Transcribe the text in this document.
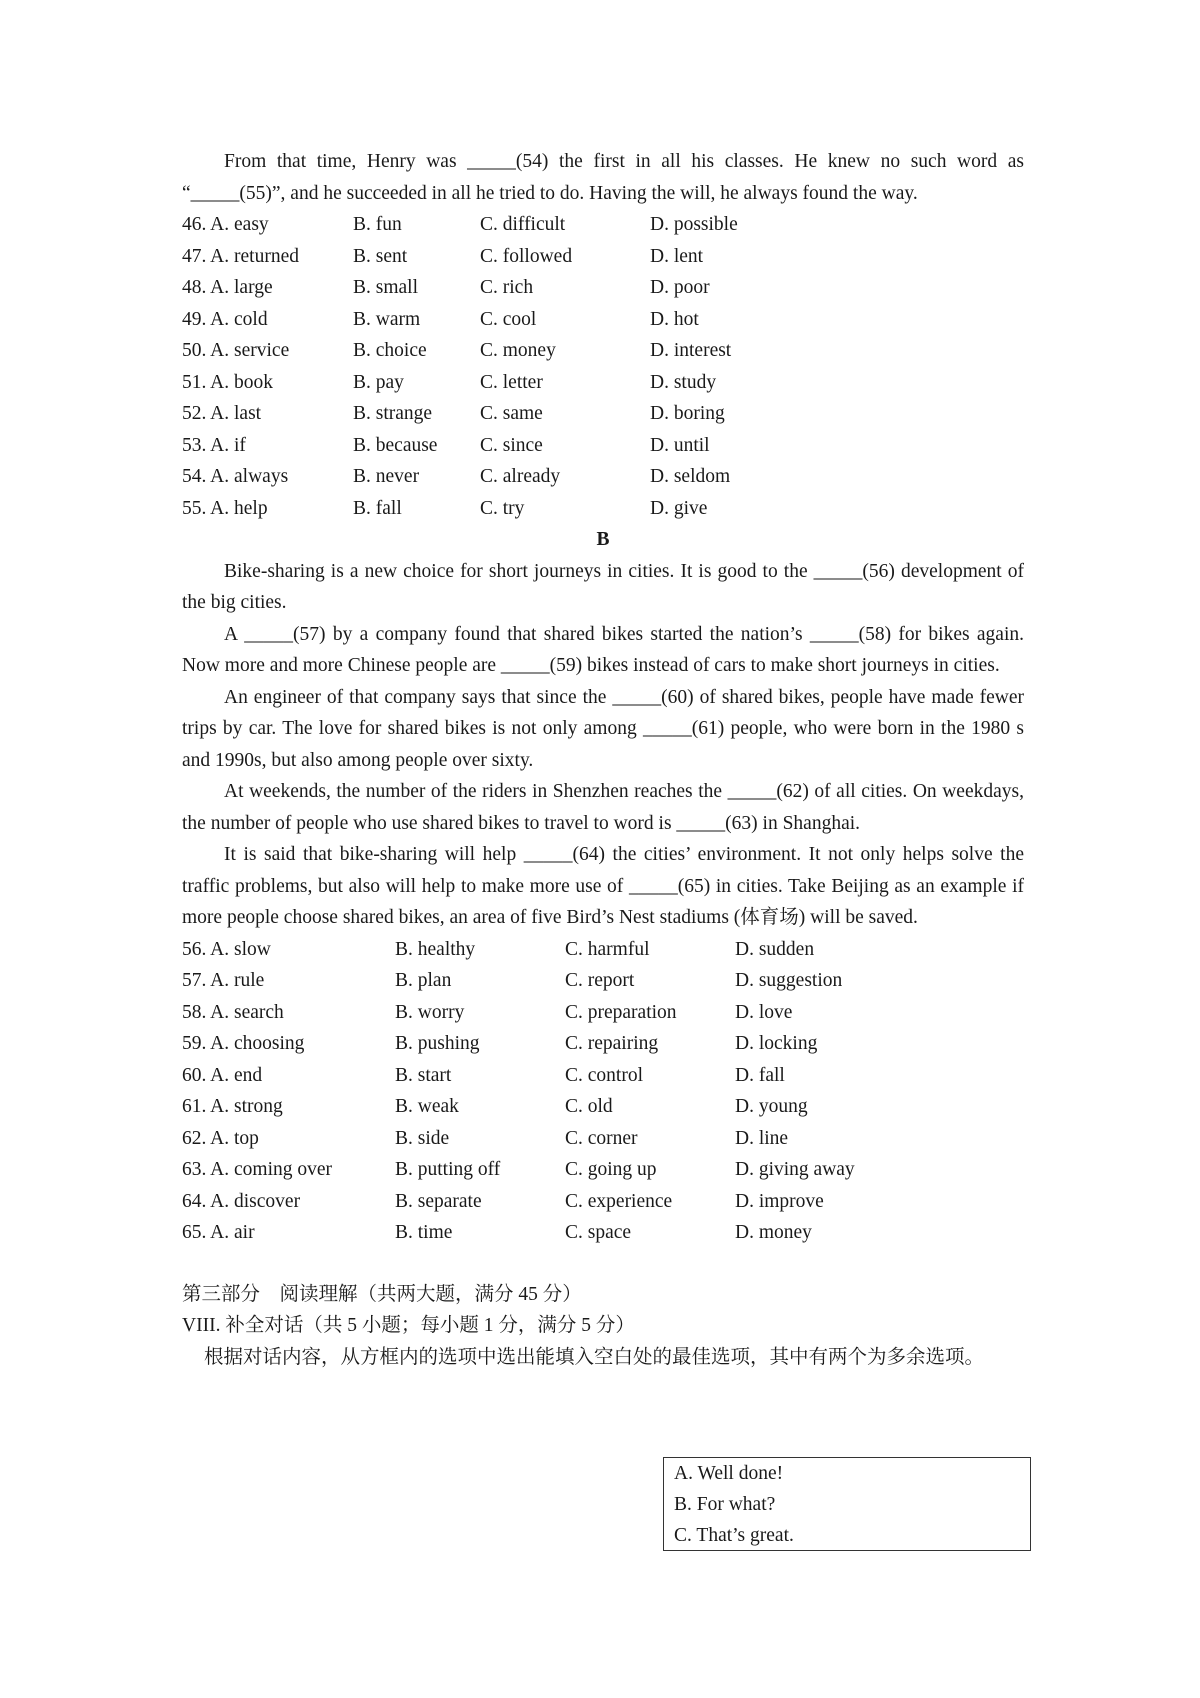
From that time, Henry was _____(54) the first in all his classes. He knew no such word as “_____(55)”, and he succeeded in all he tried to do. Having the will, he always found the way.

46. A. easy	B. fun	C. difficult	D. possible
47. A. returned	B. sent	C. followed	D. lent
48. A. large	B. small	C. rich	D. poor
49. A. cold	B. warm	C. cool	D. hot
50. A. service	B. choice	C. money	D. interest
51. A. book	B. pay	C. letter	D. study
52. A. last	B. strange C. same	D. boring
53. A. if	B. because C. since	D. until
54. A. always	B. never	C. already	D. seldom
55. A. help	B. fall	C. try	D. give

B

Bike-sharing is a new choice for short journeys in cities. It is good to the _____(56) development of the big cities.

A _____(57) by a company found that shared bikes started the nation’s _____(58) for bikes again. Now more and more Chinese people are _____(59) bikes instead of cars to make short journeys in cities.

An engineer of that company says that since the _____(60) of shared bikes, people have made fewer trips by car. The love for shared bikes is not only among _____(61) people, who were born in the 1980 s and 1990s, but also among people over sixty.

At weekends, the number of the riders in Shenzhen reaches the _____(62) of all cities. On weekdays, the number of people who use shared bikes to travel to word is _____(63) in Shanghai.

It is said that bike-sharing will help _____(64) the cities’ environment. It not only helps solve the traffic problems, but also will help to make more use of _____(65) in cities. Take Beijing as an example if more people choose shared bikes, an area of five Bird’s Nest stadiums (体育场) will be saved.

56. A. slow	B. healthy	C. harmful	D. sudden
57. A. rule	B. plan	C. report	D. suggestion
58. A. search	B. worry	C. preparation	D. love
59. A. choosing	B. pushing	C. repairing	D. locking
60. A. end	B. start	C. control	D. fall
61. A. strong	B. weak	C. old	D. young
62. A. top	B. side	C. corner	D. line
63. A. coming over	B. putting off	C. going up	D. giving away
64. A. discover	B. separate	C. experience	D. improve
65. A. air	B. time	C. space	D. money

第三部分　阅读理解（共两大题，满分 45 分）

VIII. 补全对话（共 5 小题；每小题 1 分，满分 5 分）

根据对话内容，从方框内的选项中选出能填入空白处的最佳选项，其中有两个为多余选项。

A. Well done!
B. For what?
C. That’s great.
